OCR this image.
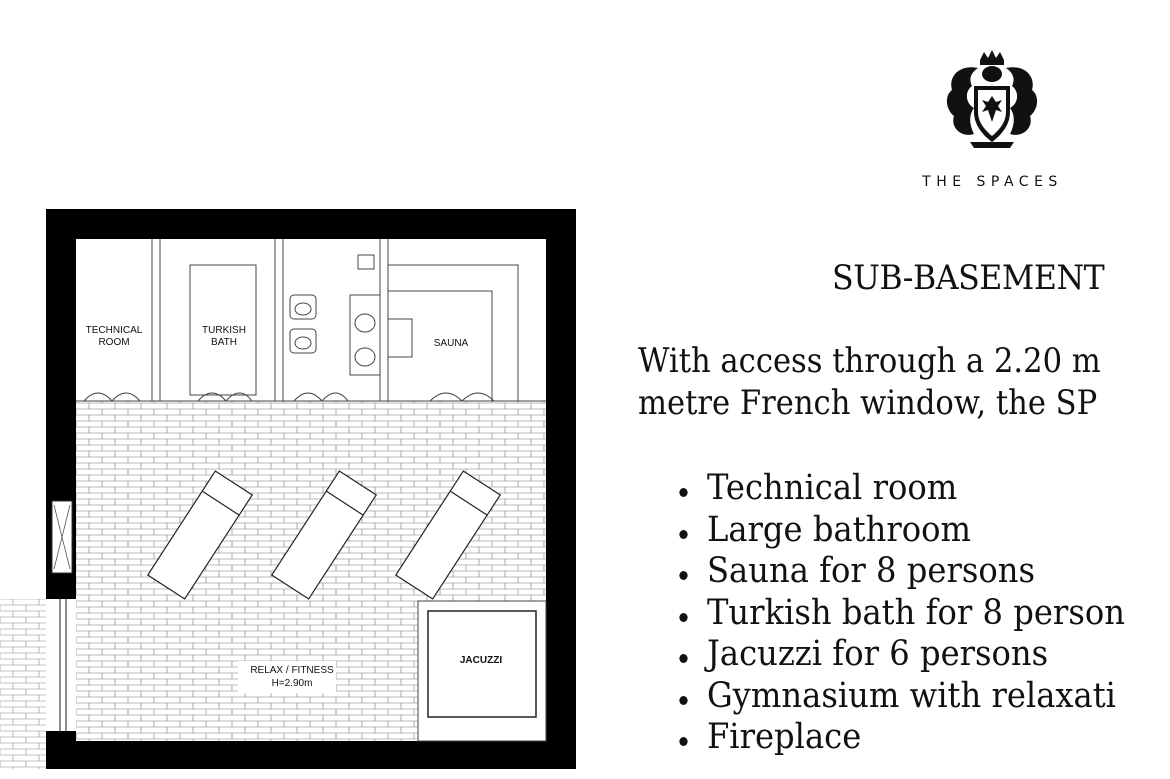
THE SPACES
TECHNICAL
ROOM
TURKISH
BATH	SAUNA
JACUZZI
RELAX / FITNESS
H=2.90m
SUB-BASEMENT
With access through a 2.20 m
metre French window, the SP
Technical room
Large bathroom
Sauna for 8 persons
Turkish bath for 8 person
Jacuzzi for 6 persons
Gymnasium with relaxati
Fireplace
